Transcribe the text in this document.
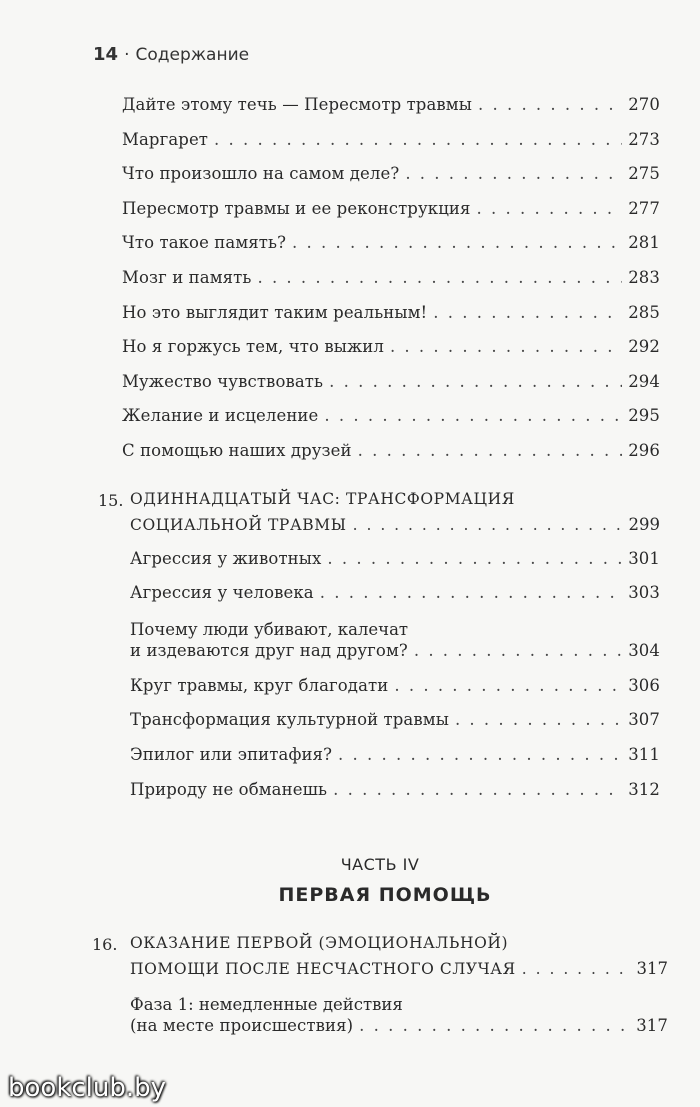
14 · Содержание
Дайте этому течь — Пересмотр травмы . . .	270
Маргарет . . .	273
Что произошло на самом деле? . . .	275
Пересмотр травмы и ее реконструкция . . .	277
Что такое память? . . .	281
Мозг и память . . .	283
Но это выглядит таким реальным! . . .	285
Но я горжусь тем, что выжил . . .	292
Мужество чувствовать . . .	294
Желание и исцеление . . .	295
С помощью наших друзей . . .	296
15. ОДИННАДЦАТЫЙ ЧАС: ТРАНСФОРМАЦИЯ
СОЦИАЛЬНОЙ ТРАВМЫ . . .	299
Агрессия у животных . . .	301
Агрессия у человека . . .	303
Почему люди убивают, калечат
и издеваются друг над другом? . . .	304
Круг травмы, круг благодати . . .	306
Трансформация культурной травмы . . .	307
Эпилог или эпитафия? . . .	311
Природу не обманешь . . .	312
ЧАСТЬ IV
ПЕРВАЯ ПОМОЩЬ
16. ОКАЗАНИЕ ПЕРВОЙ (ЭМОЦИОНАЛЬНОЙ)
ПОМОЩИ ПОСЛЕ НЕСЧАСТНОГО СЛУЧАЯ . . .	317
Фаза 1: немедленные действия
(на месте происшествия) . . .	317
bookclub.by
